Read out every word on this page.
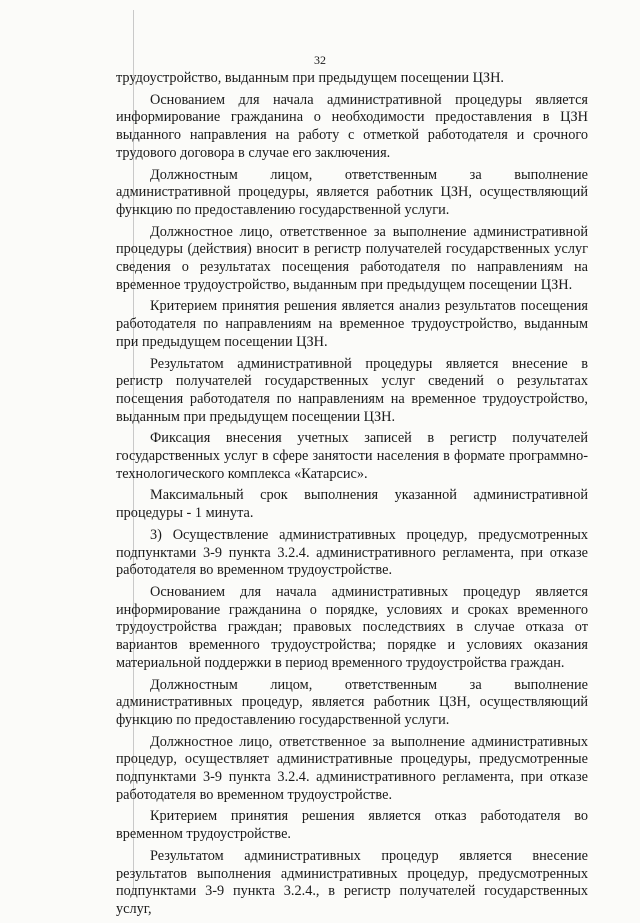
32

трудоустройство, выданным при предыдущем посещении ЦЗН.

Основанием для начала административной процедуры является информирование гражданина о необходимости предоставления в ЦЗН выданного направления на работу с отметкой работодателя и срочного трудового договора в случае его заключения.

Должностным лицом, ответственным за выполнение административной процедуры, является работник ЦЗН, осуществляющий функцию по предоставлению государственной услуги.

Должностное лицо, ответственное за выполнение административной процедуры (действия) вносит в регистр получателей государственных услуг сведения о результатах посещения работодателя по направлениям на временное трудоустройство, выданным при предыдущем посещении ЦЗН.

Критерием принятия решения является анализ результатов посещения работодателя по направлениям на временное трудоустройство, выданным при предыдущем посещении ЦЗН.

Результатом административной процедуры является внесение в регистр получателей государственных услуг сведений о результатах посещения работодателя по направлениям на временное трудоустройство, выданным при предыдущем посещении ЦЗН.

Фиксация внесения учетных записей в регистр получателей государственных услуг в сфере занятости населения в формате программно-технологического комплекса «Катарсис».

Максимальный срок выполнения указанной административной процедуры - 1 минута.

3) Осуществление административных процедур, предусмотренных подпунктами 3-9 пункта 3.2.4. административного регламента, при отказе работодателя во временном трудоустройстве.

Основанием для начала административных процедур является информирование гражданина о порядке, условиях и сроках временного трудоустройства граждан; правовых последствиях в случае отказа от вариантов временного трудоустройства; порядке и условиях оказания материальной поддержки в период временного трудоустройства граждан.

Должностным лицом, ответственным за выполнение административных процедур, является работник ЦЗН, осуществляющий функцию по предоставлению государственной услуги.

Должностное лицо, ответственное за выполнение административных процедур, осуществляет административные процедуры, предусмотренные подпунктами 3-9 пункта 3.2.4. административного регламента, при отказе работодателя во временном трудоустройстве.

Критерием принятия решения является отказ работодателя во временном трудоустройстве.

Результатом административных процедур является внесение результатов выполнения административных процедур, предусмотренных подпунктами 3-9 пункта 3.2.4., в регистр получателей государственных услуг,
